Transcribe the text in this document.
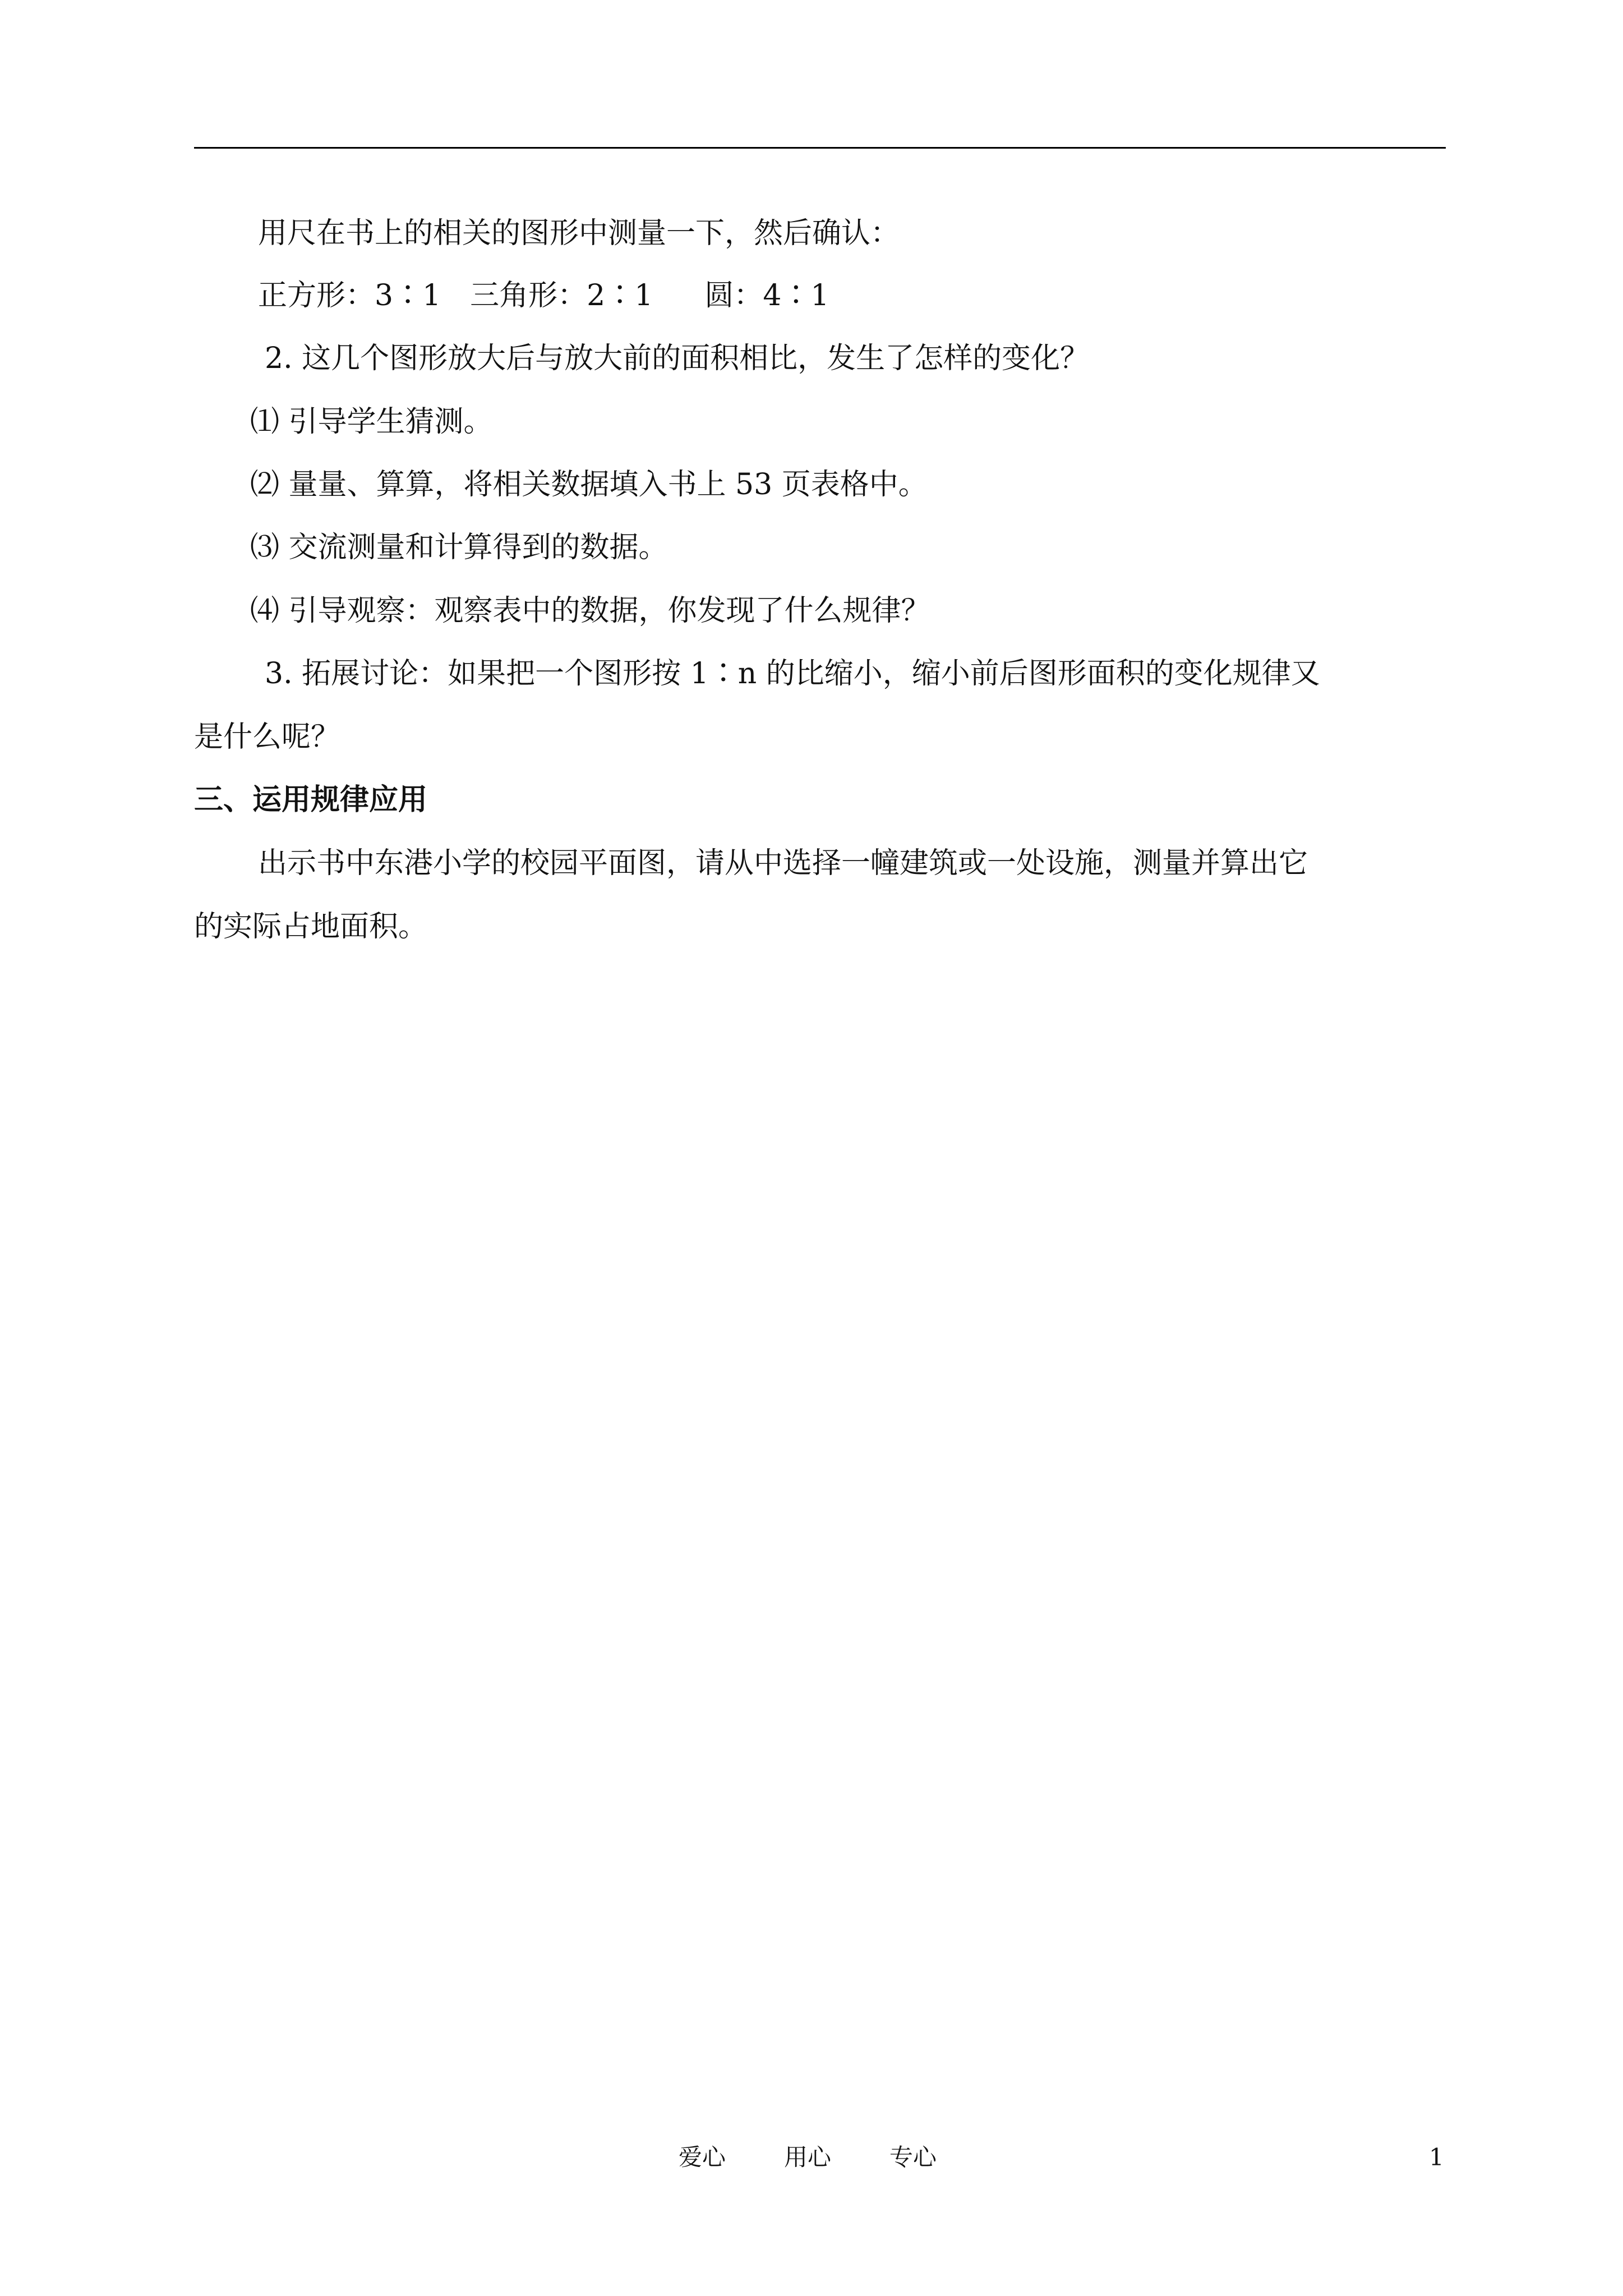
用尺在书上的相关的图形中测量一下，然后确认：
正方形：3∶1 三角形：2∶1 圆：4∶1
2. 这几个图形放大后与放大前的面积相比，发生了怎样的变化？
⑴ 引导学生猜测。
⑵ 量量、算算，将相关数据填入书上 53 页表格中。
⑶ 交流测量和计算得到的数据。
⑷ 引导观察：观察表中的数据，你发现了什么规律？
3. 拓展讨论：如果把一个图形按 1∶n 的比缩小，缩小前后图形面积的变化规律又
是什么呢？
三、运用规律应用
出示书中东港小学的校园平面图，请从中选择一幢建筑或一处设施，测量并算出它
的实际占地面积。
爱心 用心 专心	1
